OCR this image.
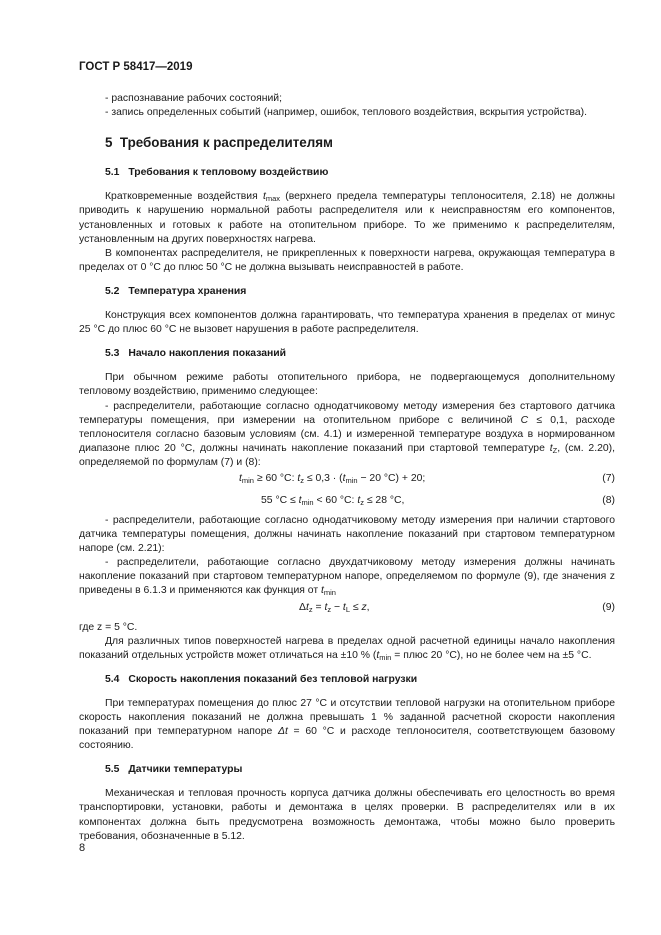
ГОСТ Р 58417—2019

- распознавание рабочих состояний;

- запись определенных событий (например, ошибок, теплового воздействия, вскрытия устройства).

5 Требования к распределителям
5.1 Требования к тепловому воздействию

Кратковременные воздействия $t_{max}$ (верхнего предела температуры теплоносителя, 2.18) не должны приводить к нарушению нормальной работы распределителя или к неисправностям его компонентов, установленных и готовых к работе на отопительном приборе. То же применимо к распределителям, установленным на других поверхностях нагрева.

В компонентах распределителя, не прикрепленных к поверхности нагрева, окружающая температура в пределах от 0 °С до плюс 50 °С не должна вызывать неисправностей в работе.

5.2 Температура хранения

Конструкция всех компонентов должна гарантировать, что температура хранения в пределах от минус 25 °С до плюс 60 °С не вызовет нарушения в работе распределителя.

5.3 Начало накопления показаний

При обычном режиме работы отопительного прибора, не подвергающемуся дополнительному тепловому воздействию, применимо следующее:

- распределители, работающие согласно однодатчиковому методу измерения без стартового датчика температуры помещения, при измерении на отопительном приборе с величиной С ≤ 0,1, расходе теплоносителя согласно базовым условиям (см. 4.1) и измеренной температуре воздуха в нормированном диапазоне плюс 20 °С, должны начинать накопление показаний при стартовой температуре $t_Z$, (см. 2.20), определяемой по формулам (7) и (8):

$t_{min} \ge 60$ °C: $t_z \le 0,3 \cdot (t_{min} - 20$ °C) + 20;	(7)
55 $^\circ C \le t_{min} < 60$ °C: $t_z \le 28$ °C,	(8)

- распределители, работающие согласно однодатчиковому методу измерения при наличии стартового датчика температуры помещения, должны начинать накопление показаний при стартовом температурном напоре (см. 2.21):

- распределители, работающие согласно двухдатчиковому методу измерения должны начинать накопление показаний при стартовом температурном напоре, определяемом по формуле (9), где значения z приведены в 6.1.3 и применяются как функция от $t_{min}$

$\Delta t_z = t_z - t_L \le z$,	(9)

где z = 5 °С.

Для различных типов поверхностей нагрева в пределах одной расчетной единицы начало накопления показаний отдельных устройств может отличаться на ±10 % ($t_{min}$ = плюс 20 °С), но не более чем на ±5 °С.

5.4 Скорость накопления показаний без тепловой нагрузки

При температурах помещения до плюс 27 °С и отсутствии тепловой нагрузки на отопительном приборе скорость накопления показаний не должна превышать 1 % заданной расчетной скорости накопления показаний при температурном напоре Δt = 60 °С и расходе теплоносителя, соответствующем базовому состоянию.

5.5 Датчики температуры

Механическая и тепловая прочность корпуса датчика должны обеспечивать его целостность во время транспортировки, установки, работы и демонтажа в целях проверки. В распределителях или в их компонентах должна быть предусмотрена возможность демонтажа, чтобы можно было проверить требования, обозначенные в 5.12.

8
